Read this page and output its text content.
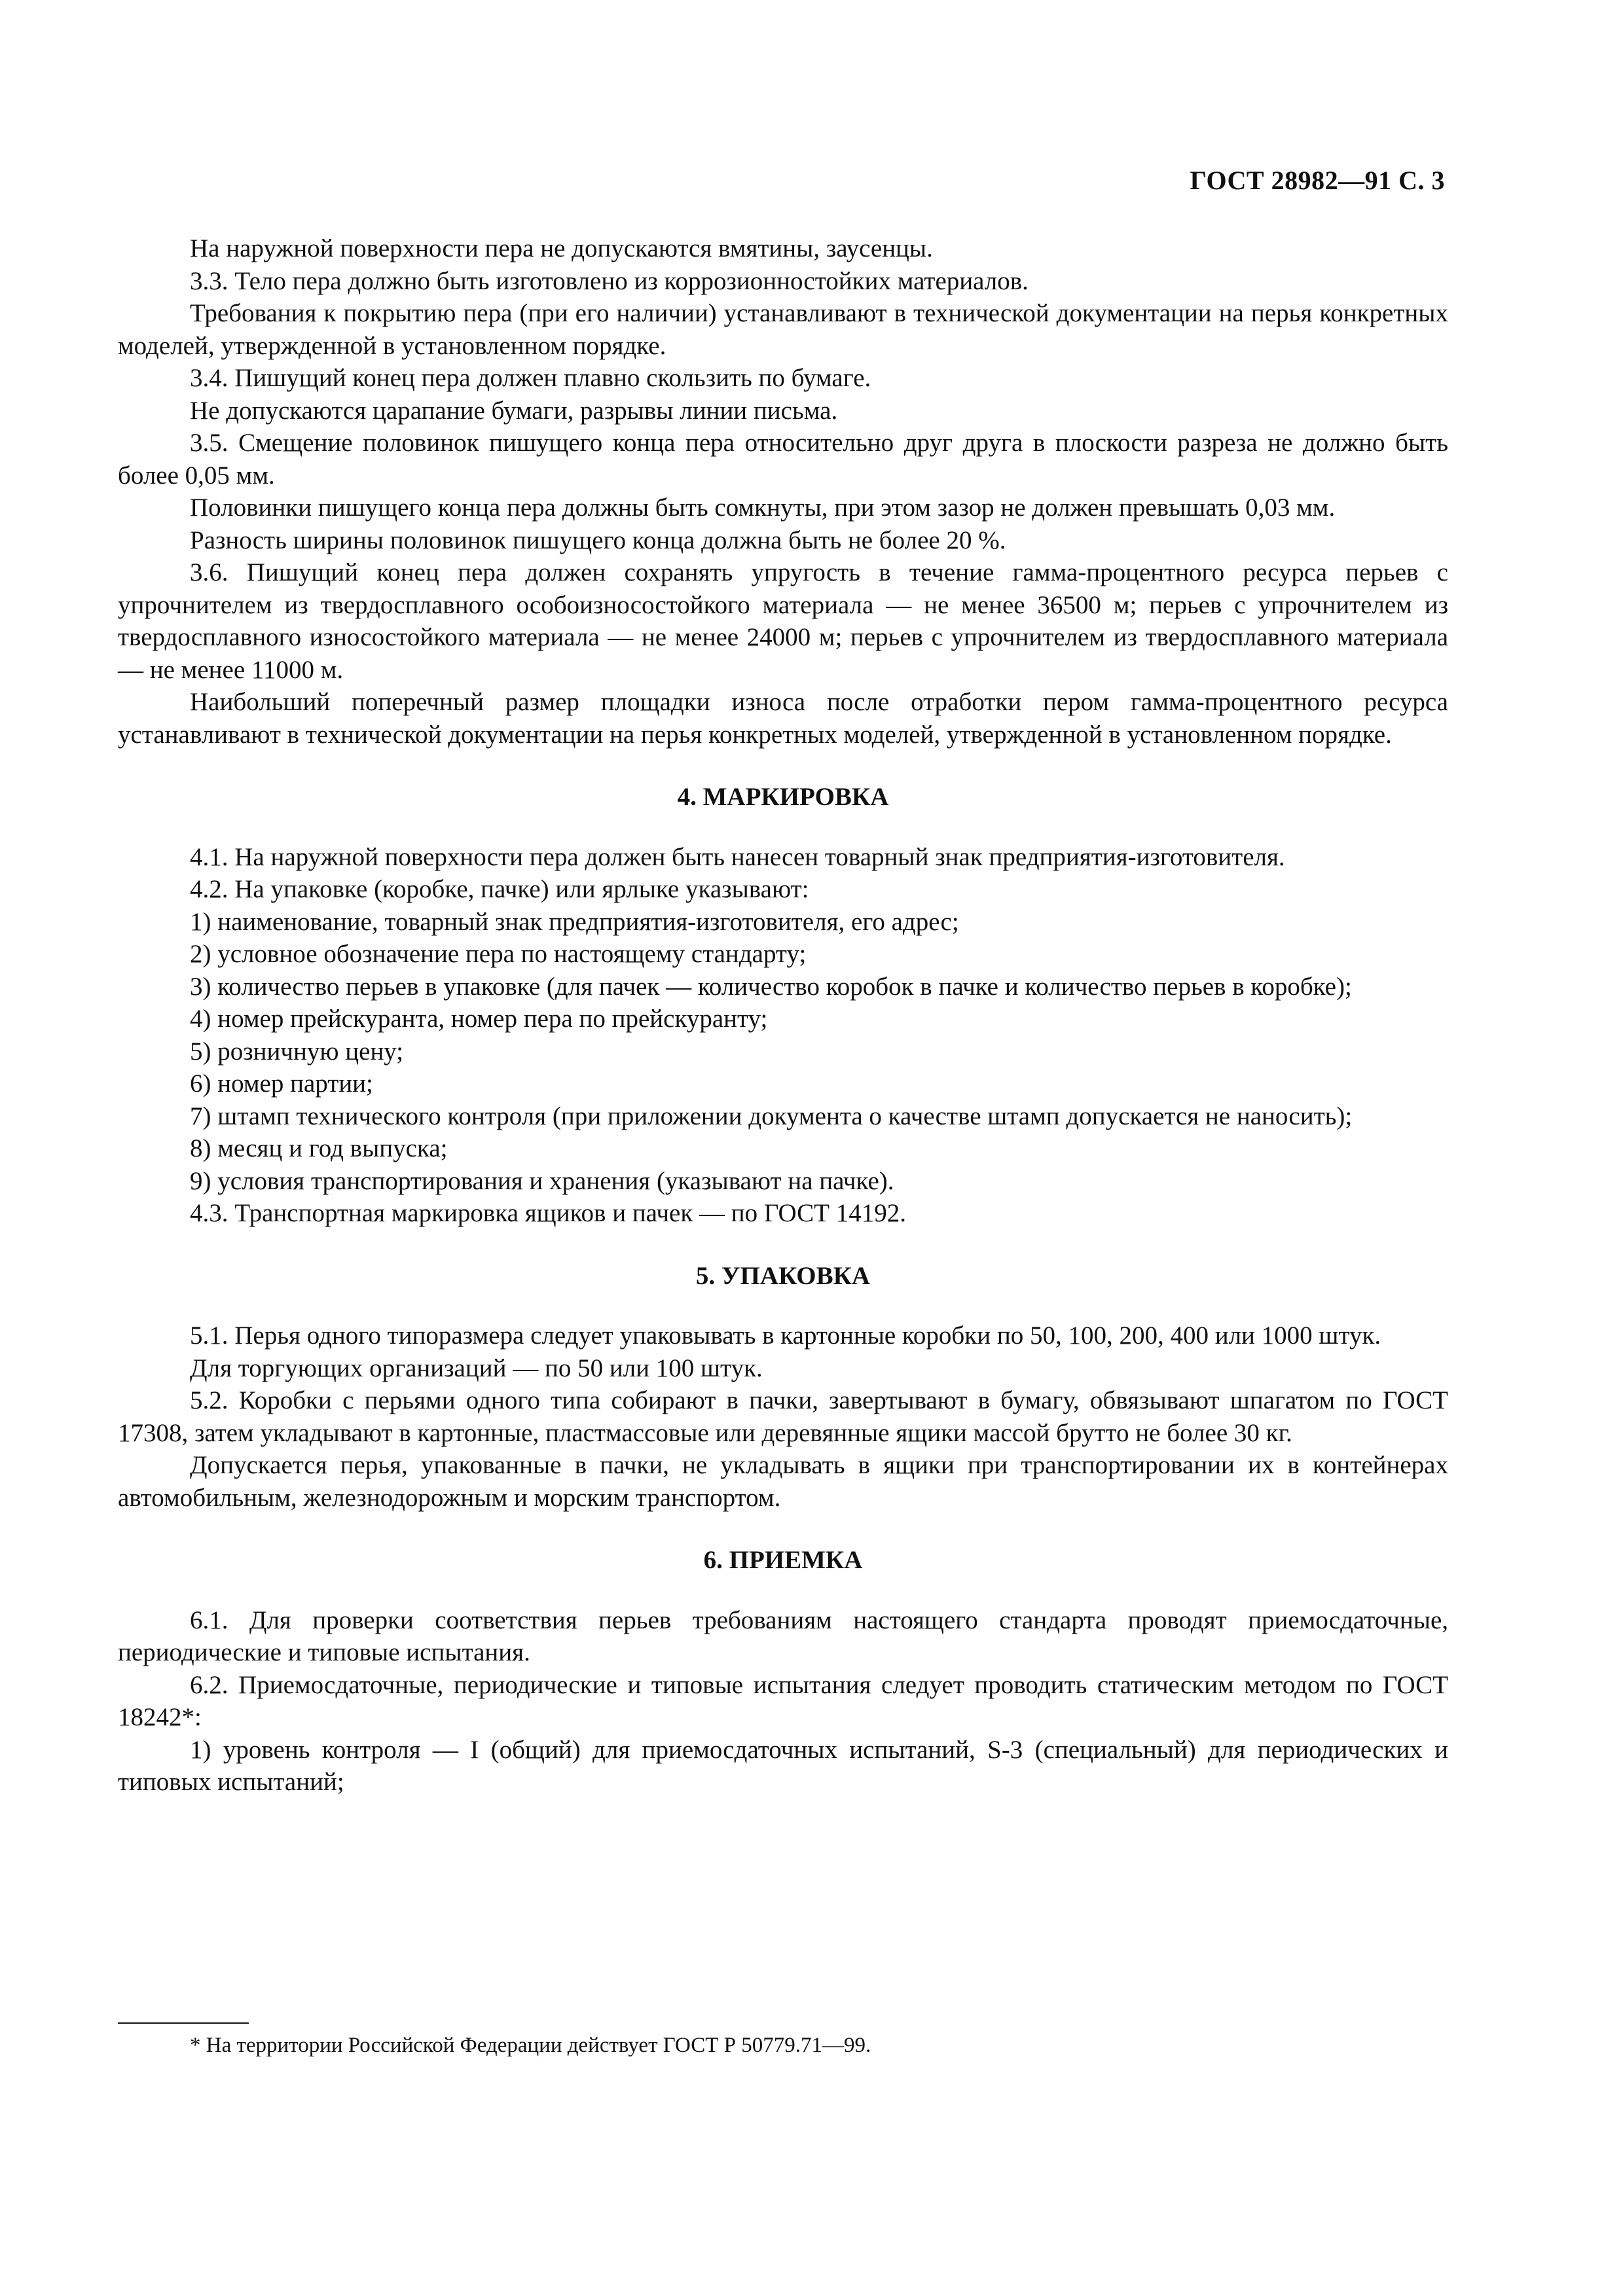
ГОСТ 28982—91 С. 3

На наружной поверхности пера не допускаются вмятины, заусенцы.

3.3. Тело пера должно быть изготовлено из коррозионностойких материалов.

Требования к покрытию пера (при его наличии) устанавливают в технической документации на перья конкретных моделей, утвержденной в установленном порядке.

3.4. Пишущий конец пера должен плавно скользить по бумаге.

Не допускаются царапание бумаги, разрывы линии письма.

3.5. Смещение половинок пишущего конца пера относительно друг друга в плоскости разреза не должно быть более 0,05 мм.

Половинки пишущего конца пера должны быть сомкнуты, при этом зазор не должен превышать 0,03 мм.

Разность ширины половинок пишущего конца должна быть не более 20 %.

3.6. Пишущий конец пера должен сохранять упругость в течение гамма-процентного ресурса перьев с упрочнителем из твердосплавного особоизносостойкого материала — не менее 36500 м; перьев с упрочнителем из твердосплавного износостойкого материала — не менее 24000 м; перьев с упрочнителем из твердосплавного материала — не менее 11000 м.

Наибольший поперечный размер площадки износа после отработки пером гамма-процентного ресурса устанавливают в технической документации на перья конкретных моделей, утвержденной в установленном порядке.

4. МАРКИРОВКА

4.1. На наружной поверхности пера должен быть нанесен товарный знак предприятия-изготовителя.

4.2. На упаковке (коробке, пачке) или ярлыке указывают:

1) наименование, товарный знак предприятия-изготовителя, его адрес;

2) условное обозначение пера по настоящему стандарту;

3) количество перьев в упаковке (для пачек — количество коробок в пачке и количество перьев в коробке);

4) номер прейскуранта, номер пера по прейскуранту;

5) розничную цену;

6) номер партии;

7) штамп технического контроля (при приложении документа о качестве штамп допускается не наносить);

8) месяц и год выпуска;

9) условия транспортирования и хранения (указывают на пачке).

4.3. Транспортная маркировка ящиков и пачек — по ГОСТ 14192.

5. УПАКОВКА

5.1. Перья одного типоразмера следует упаковывать в картонные коробки по 50, 100, 200, 400 или 1000 штук.

Для торгующих организаций — по 50 или 100 штук.

5.2. Коробки с перьями одного типа собирают в пачки, завертывают в бумагу, обвязывают шпагатом по ГОСТ 17308, затем укладывают в картонные, пластмассовые или деревянные ящики массой брутто не более 30 кг.

Допускается перья, упакованные в пачки, не укладывать в ящики при транспортировании их в контейнерах автомобильным, железнодорожным и морским транспортом.

6. ПРИЕМКА

6.1. Для проверки соответствия перьев требованиям настоящего стандарта проводят приемосдаточные, периодические и типовые испытания.

6.2. Приемосдаточные, периодические и типовые испытания следует проводить статическим методом по ГОСТ 18242*:

1) уровень контроля — I (общий) для приемосдаточных испытаний, S-3 (специальный) для периодических и типовых испытаний;

* На территории Российской Федерации действует ГОСТ Р 50779.71—99.
